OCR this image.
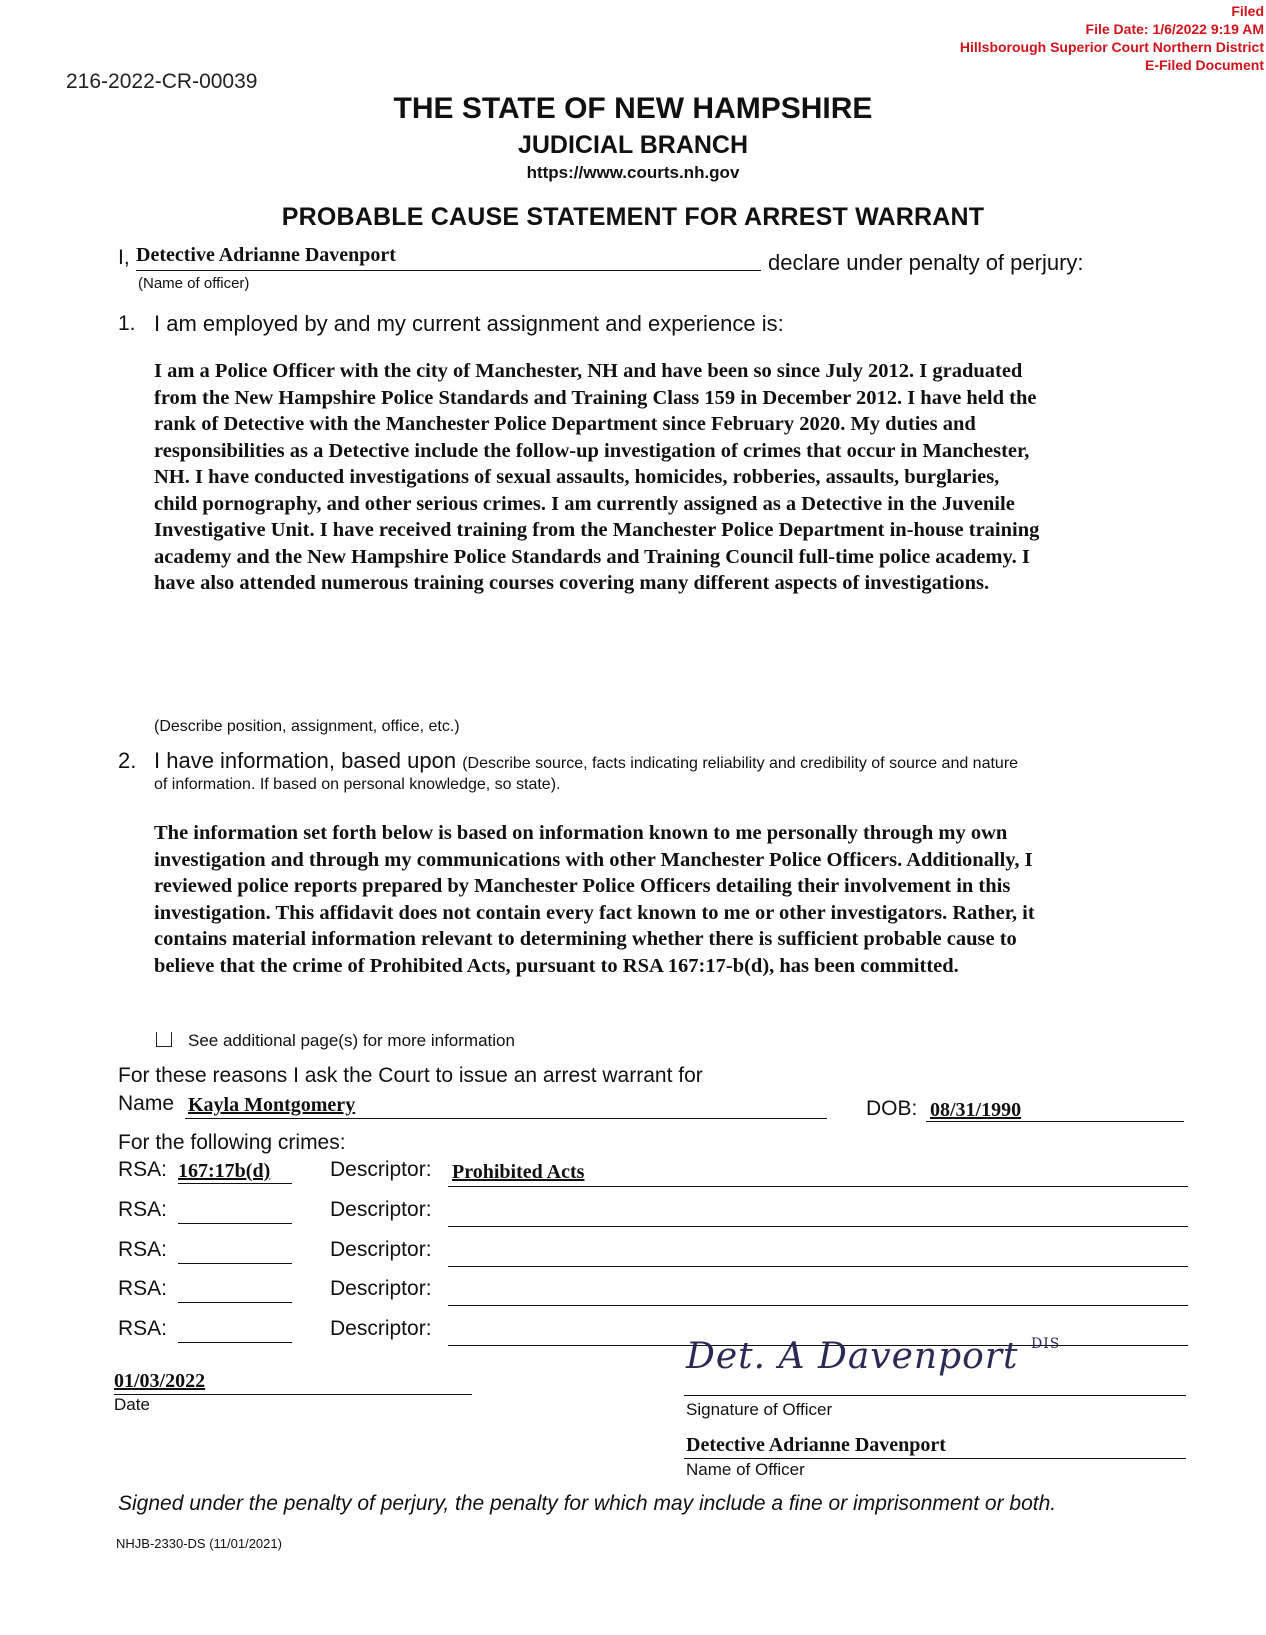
Filed
File Date: 1/6/2022 9:19 AM
Hillsborough Superior Court Northern District
E-Filed Document
216-2022-CR-00039
THE STATE OF NEW HAMPSHIRE
JUDICIAL BRANCH
https://www.courts.nh.gov
PROBABLE CAUSE STATEMENT FOR ARREST WARRANT
I, Detective Adrianne Davenport	declare under penalty of perjury:
(Name of officer)
1. I am employed by and my current assignment and experience is:
I am a Police Officer with the city of Manchester, NH and have been so since July 2012. I graduated
from the New Hampshire Police Standards and Training Class 159 in December 2012. I have held the
rank of Detective with the Manchester Police Department since February 2020. My duties and
responsibilities as a Detective include the follow-up investigation of crimes that occur in Manchester,
NH. I have conducted investigations of sexual assaults, homicides, robberies, assaults, burglaries,
child pornography, and other serious crimes. I am currently assigned as a Detective in the Juvenile
Investigative Unit. I have received training from the Manchester Police Department in-house training
academy and the New Hampshire Police Standards and Training Council full-time police academy. I
have also attended numerous training courses covering many different aspects of investigations.
(Describe position, assignment, office, etc.)
2. I have information, based upon (Describe source, facts indicating reliability and credibility of source and nature
of information. If based on personal knowledge, so state).
The information set forth below is based on information known to me personally through my own
investigation and through my communications with other Manchester Police Officers. Additionally, I
reviewed police reports prepared by Manchester Police Officers detailing their involvement in this
investigation. This affidavit does not contain every fact known to me or other investigators. Rather, it
contains material information relevant to determining whether there is sufficient probable cause to
believe that the crime of Prohibited Acts, pursuant to RSA 167:17-b(d), has been committed.
See additional page(s) for more information
For these reasons I ask the Court to issue an arrest warrant for
Name Kayla Montgomery	DOB: 08/31/1990
For the following crimes:
RSA: 167:17b(d)	Descriptor: Prohibited Acts
RSA:	Descriptor:
RSA:	Descriptor:
RSA:	Descriptor:
RSA:	Descriptor:
01/03/2022
Date
Det. A Davenport $^{DIS}$
Signature of Officer
Detective Adrianne Davenport
Name of Officer
Signed under the penalty of perjury, the penalty for which may include a fine or imprisonment or both.
NHJB-2330-DS (11/01/2021)
